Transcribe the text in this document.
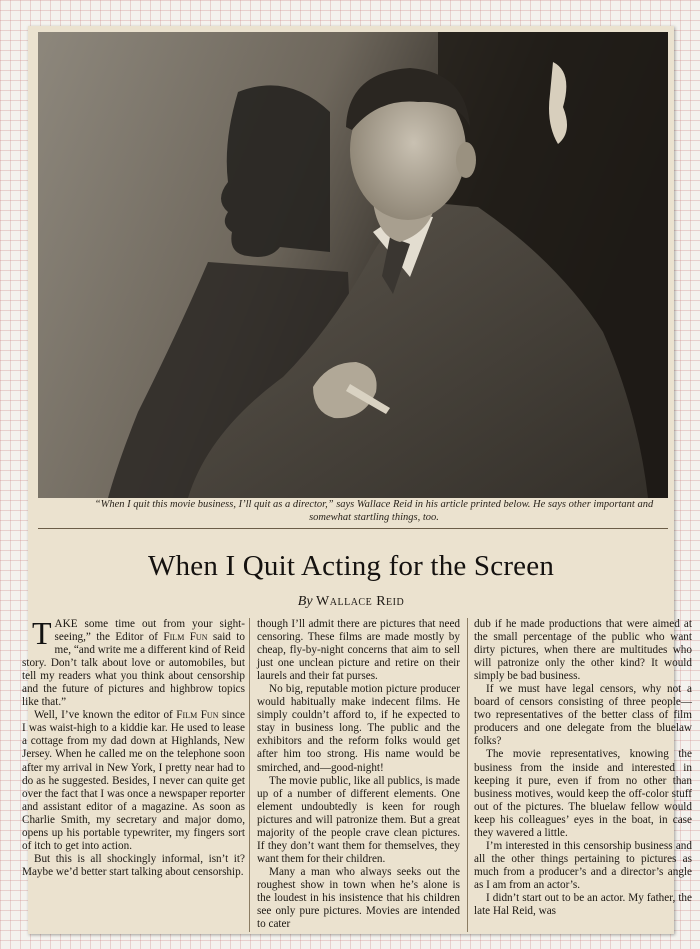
“When I quit this movie business, I’ll quit as a director,” says Wallace Reid in his article printed below. He says other important and somewhat startling things, too.
When I Quit Acting for the Screen
By Wallace Reid

TAKE some time out from your sight-seeing,” the Editor of Film Fun said to me, “and write me a different kind of Reid story. Don’t talk about love or automobiles, but tell my readers what you think about censorship and the future of pictures and highbrow topics like that.”

Well, I’ve known the editor of Film Fun since I was waist-high to a kiddie kar. He used to lease a cottage from my dad down at Highlands, New Jersey. When he called me on the telephone soon after my arrival in New York, I pretty near had to do as he suggested. Besides, I never can quite get over the fact that I was once a newspaper reporter and assistant editor of a magazine. As soon as Charlie Smith, my secretary and major domo, opens up his portable typewriter, my fingers sort of itch to get into action.

But this is all shockingly informal, isn’t it? Maybe we’d better start talking about censorship.

though I’ll admit there are pictures that need censoring. These films are made mostly by cheap, fly-by-night concerns that aim to sell just one unclean picture and retire on their laurels and their fat purses.

No big, reputable motion picture producer would habitually make indecent films. He simply couldn’t afford to, if he expected to stay in business long. The public and the exhibitors and the reform folks would get after him too strong. His name would be smirched, and—good-night!

The movie public, like all publics, is made up of a number of different elements. One element undoubtedly is keen for rough pictures and will patronize them. But a great majority of the people crave clean pictures. If they don’t want them for themselves, they want them for their children.

Many a man who always seeks out the roughest show in town when he’s alone is the loudest in his insistence that his children see only pure pictures. Movies are intended to cater

dub if he made productions that were aimed at the small percentage of the public who want dirty pictures, when there are multitudes who will patronize only the other kind? It would simply be bad business.

If we must have legal censors, why not a board of censors consisting of three people—two representatives of the better class of film producers and one delegate from the bluelaw folks?

The movie representatives, knowing the business from the inside and interested in keeping it pure, even if from no other than business motives, would keep the off-color stuff out of the pictures. The bluelaw fellow would keep his colleagues’ eyes in the boat, in case they wavered a little.

I’m interested in this censorship business and all the other things pertaining to pictures as much from a producer’s and a director’s angle as I am from an actor’s.

I didn’t start out to be an actor. My father, the late Hal Reid, was
